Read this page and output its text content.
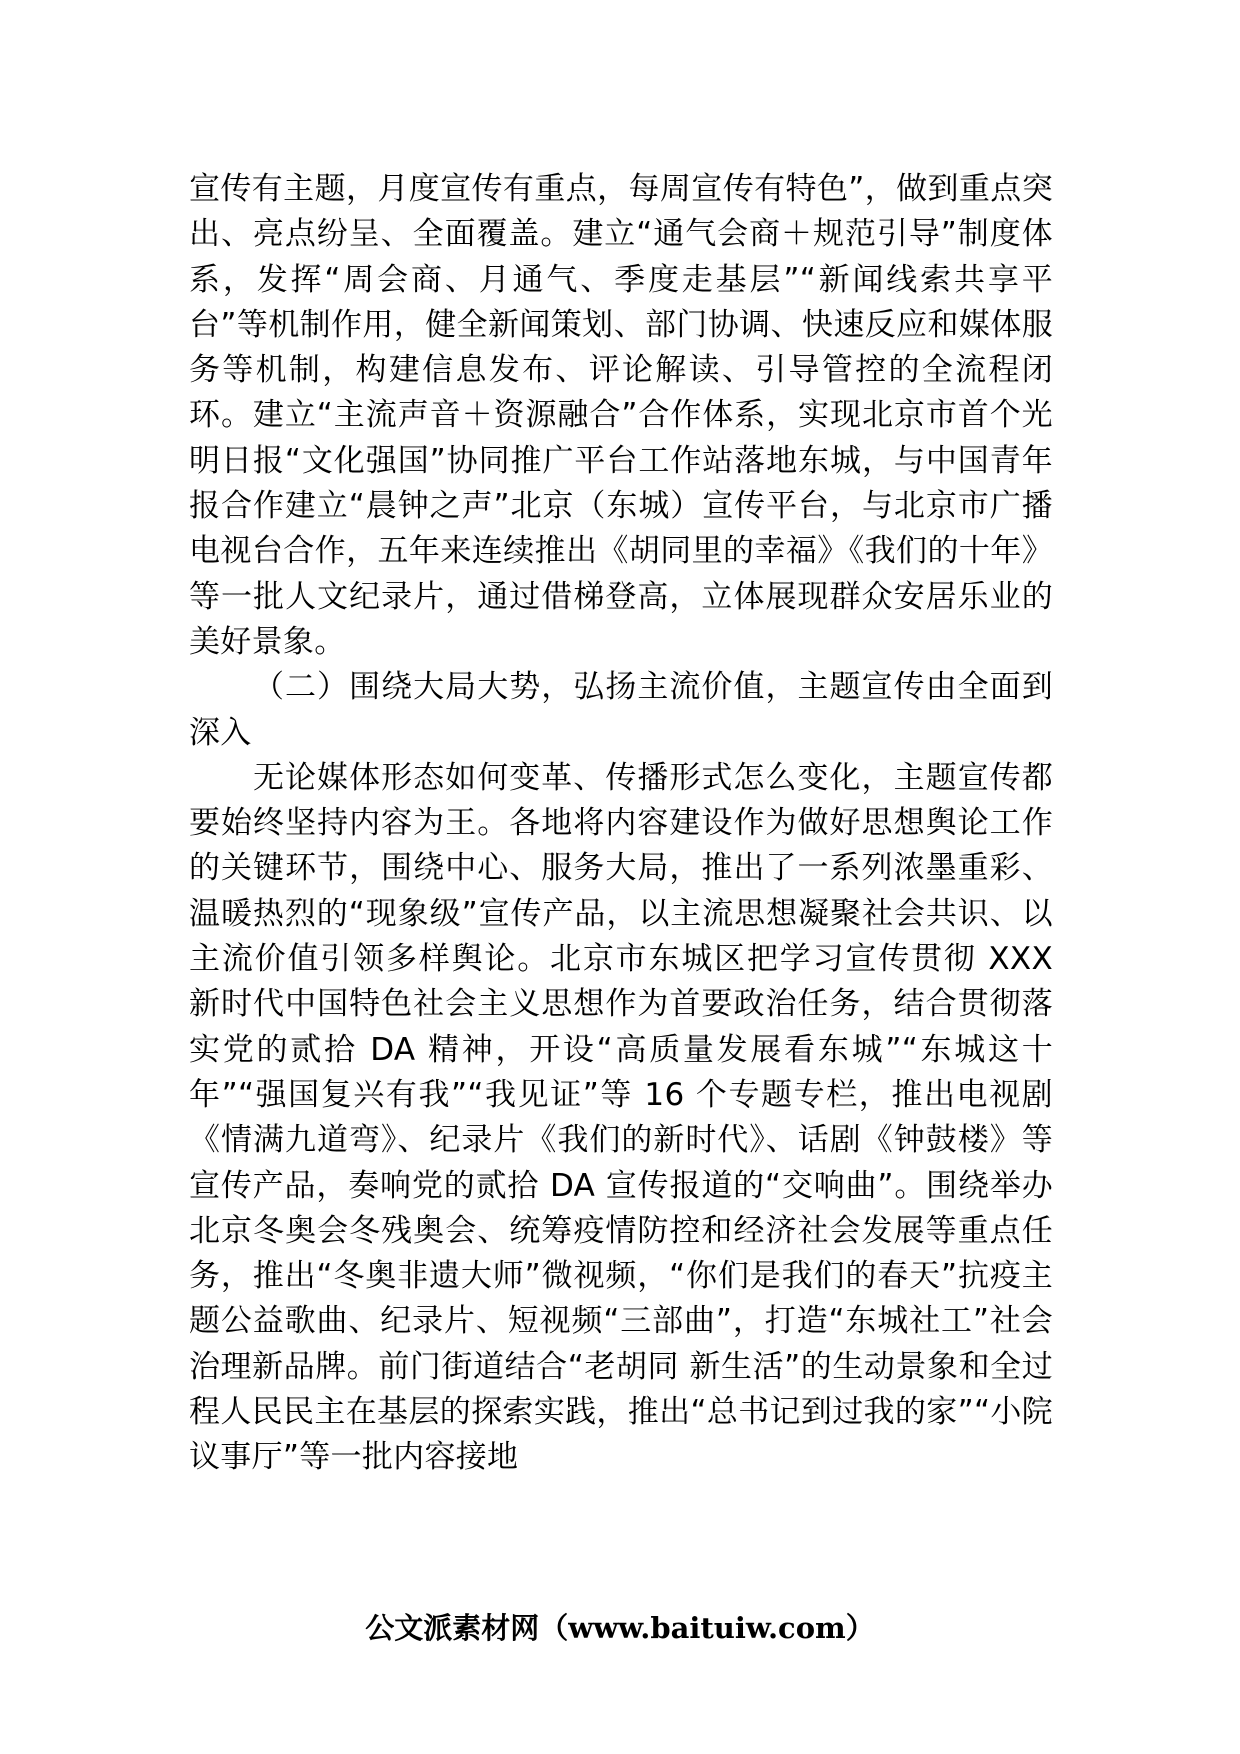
宣传有主题，月度宣传有重点，每周宣传有特色”，做到重点突出、亮点纷呈、全面覆盖。建立“通气会商＋规范引导”制度体系，发挥“周会商、月通气、季度走基层”“新闻线索共享平台”等机制作用，健全新闻策划、部门协调、快速反应和媒体服务等机制，构建信息发布、评论解读、引导管控的全流程闭环。建立“主流声音＋资源融合”合作体系，实现北京市首个光明日报“文化强国”协同推广平台工作站落地东城，与中国青年报合作建立“晨钟之声”北京（东城）宣传平台，与北京市广播电视台合作，五年来连续推出《胡同里的幸福》《我们的十年》等一批人文纪录片，通过借梯登高，立体展现群众安居乐业的美好景象。

（二）围绕大局大势，弘扬主流价值，主题宣传由全面到深入

无论媒体形态如何变革、传播形式怎么变化，主题宣传都要始终坚持内容为王。各地将内容建设作为做好思想舆论工作的关键环节，围绕中心、服务大局，推出了一系列浓墨重彩、温暖热烈的“现象级”宣传产品，以主流思想凝聚社会共识、以主流价值引领多样舆论。北京市东城区把学习宣传贯彻 XXX 新时代中国特色社会主义思想作为首要政治任务，结合贯彻落实党的贰拾 DA 精神，开设“高质量发展看东城”“东城这十年”“强国复兴有我”“我见证”等 16 个专题专栏，推出电视剧《情满九道弯》、纪录片《我们的新时代》、话剧《钟鼓楼》等宣传产品，奏响党的贰拾 DA 宣传报道的“交响曲”。围绕举办北京冬奥会冬残奥会、统筹疫情防控和经济社会发展等重点任务，推出“冬奥非遗大师”微视频，“你们是我们的春天”抗疫主题公益歌曲、纪录片、短视频“三部曲”，打造“东城社工”社会治理新品牌。前门街道结合“老胡同 新生活”的生动景象和全过程人民民主在基层的探索实践，推出“总书记到过我的家”“小院议事厅”等一批内容接地

公文派素材网（www.baituiw.com）
